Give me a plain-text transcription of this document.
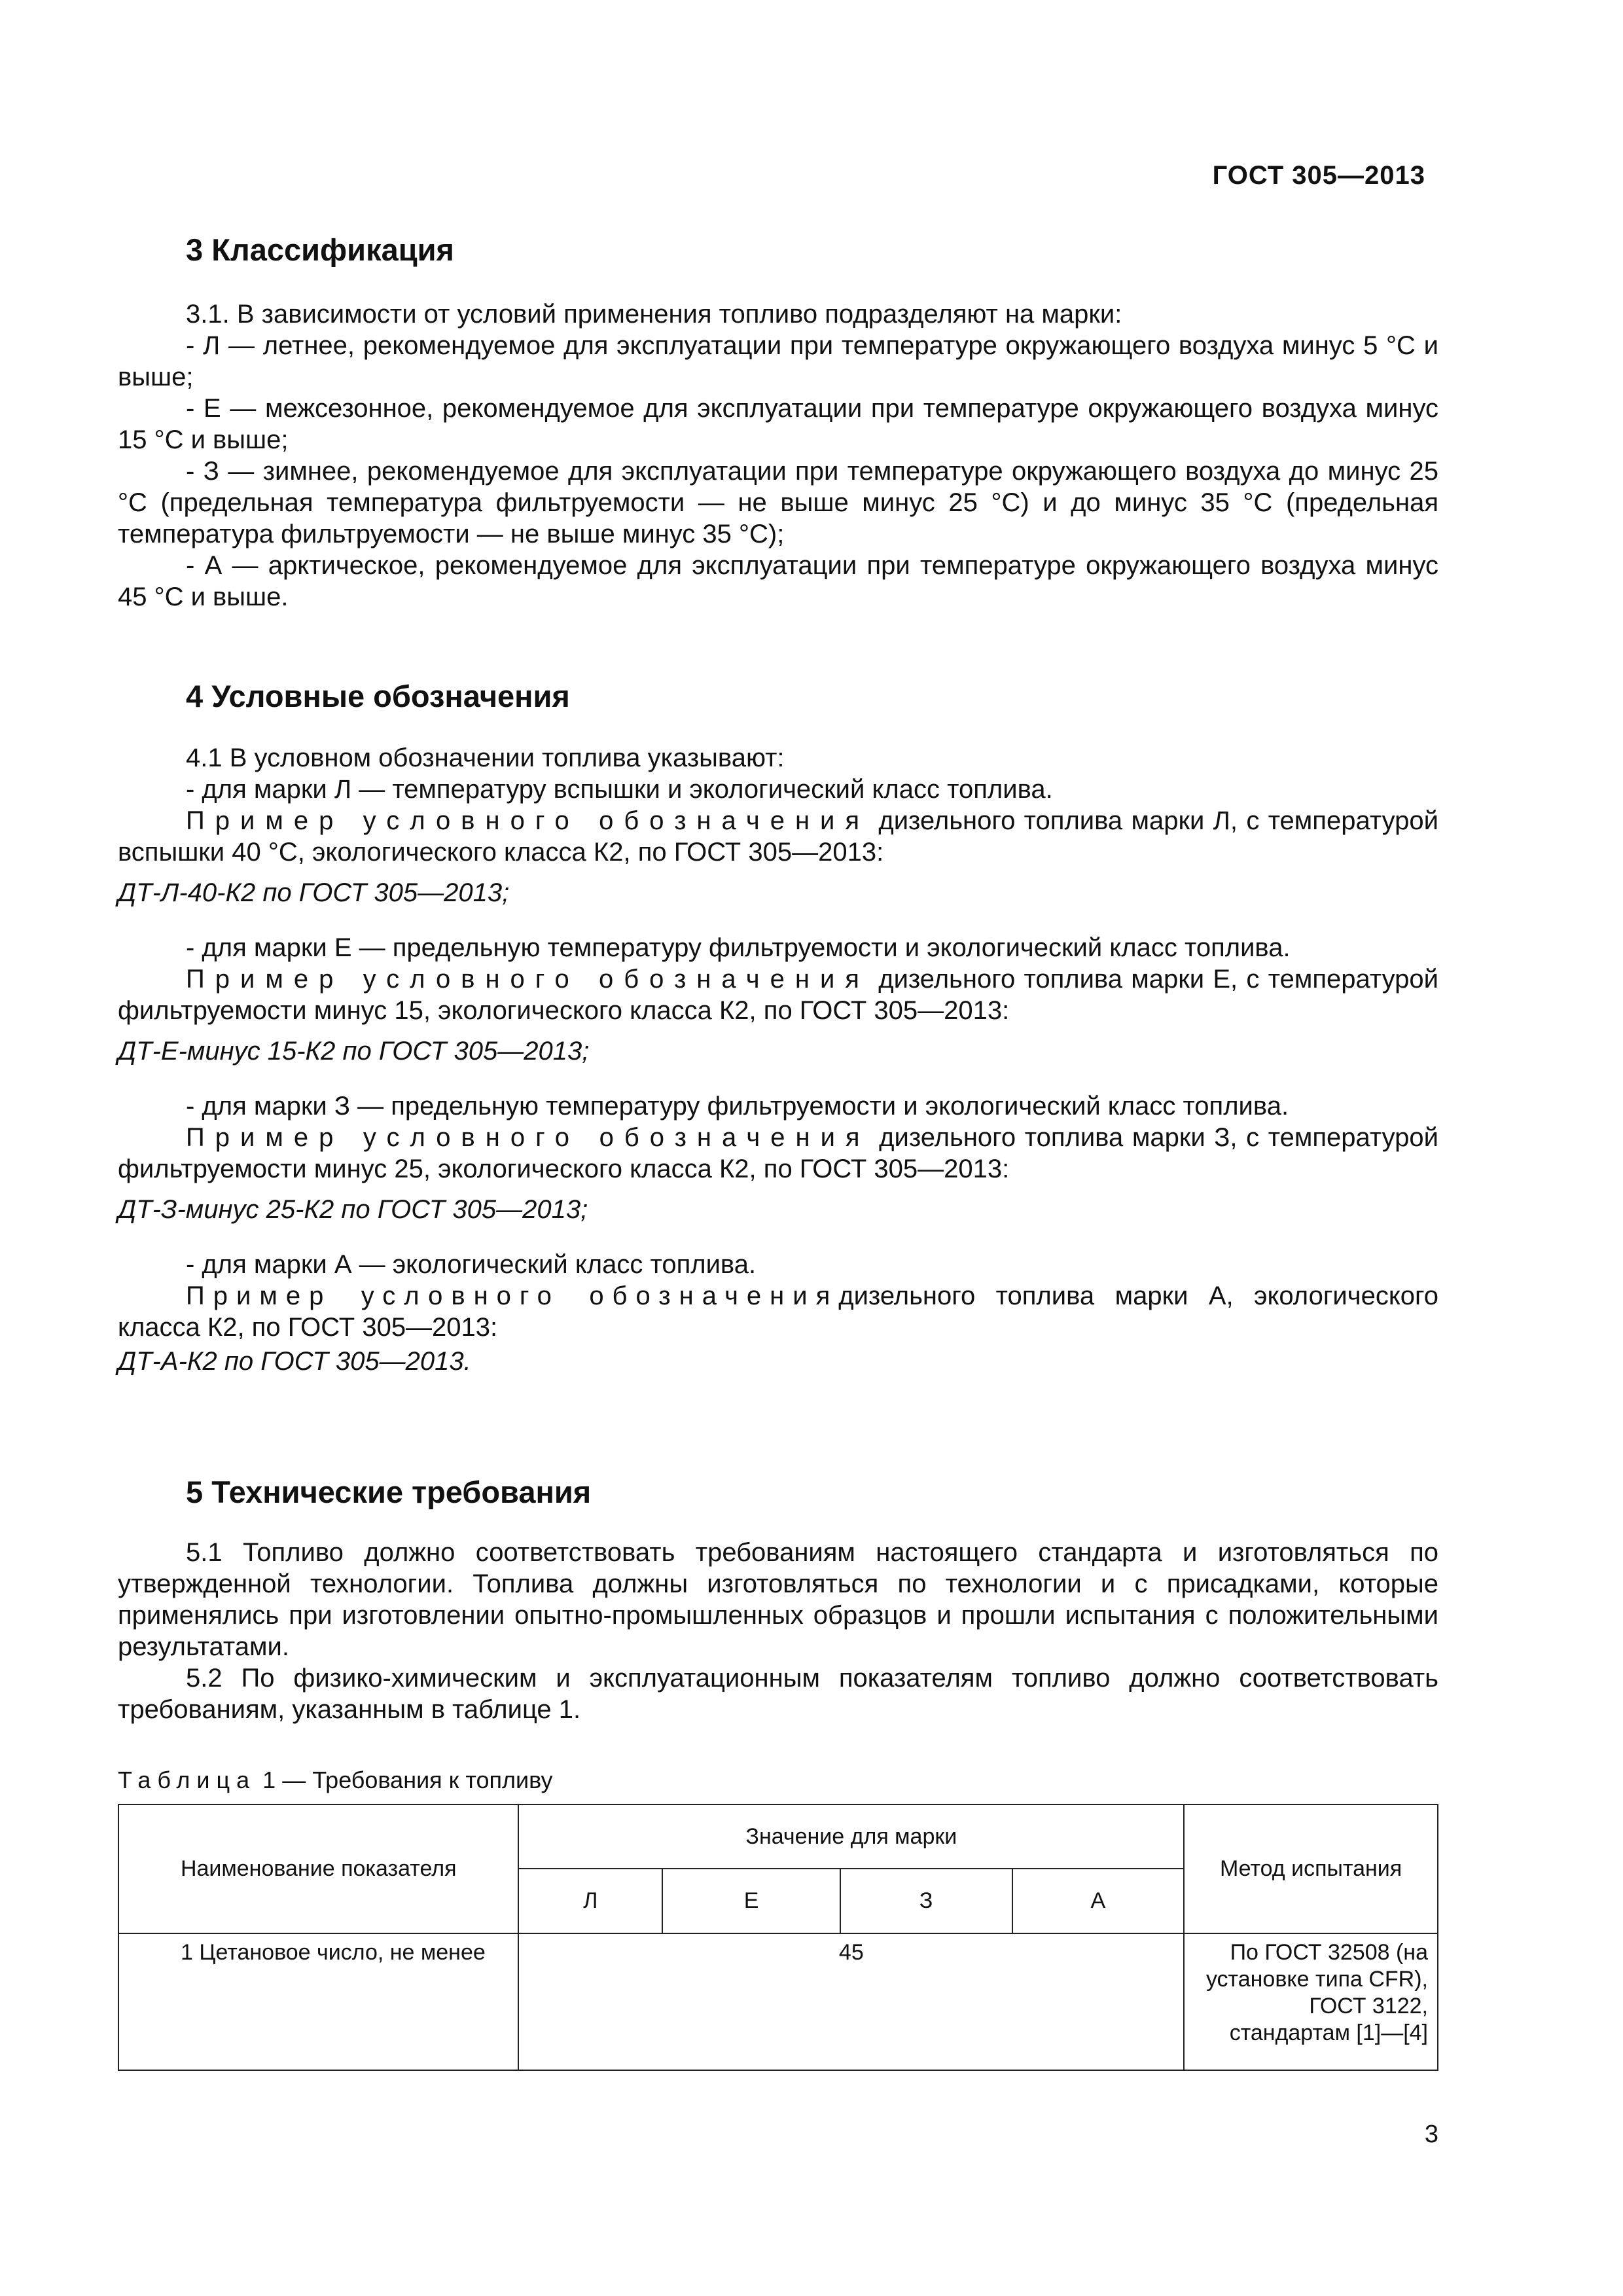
ГОСТ 305—2013
3 Классификация

3.1. В зависимости от условий применения топливо подразделяют на марки:

- Л — летнее, рекомендуемое для эксплуатации при температуре окружающего воздуха минус 5 °С и выше;

- Е — межсезонное, рекомендуемое для эксплуатации при температуре окружающего воздуха минус 15 °С и выше;

- З — зимнее, рекомендуемое для эксплуатации при температуре окружающего воздуха до минус 25 °С (предельная температура фильтруемости — не выше минус 25 °С) и до минус 35 °С (предельная температура фильтруемости — не выше минус 35 °С);

- А — арктическое, рекомендуемое для эксплуатации при температуре окружающего воздуха минус 45 °С и выше.

4 Условные обозначения

4.1 В условном обозначении топлива указывают:

- для марки Л — температуру вспышки и экологический класс топлива.

Пример условного обозначения дизельного топлива марки Л, с температурой вспышки 40 °С, экологического класса К2, по ГОСТ 305—2013:

ДТ-Л-40-К2 по ГОСТ 305—2013;

- для марки Е — предельную температуру фильтруемости и экологический класс топлива.

Пример условного обозначения дизельного топлива марки Е, с температурой фильтруемости минус 15, экологического класса К2, по ГОСТ 305—2013:

ДТ-Е-минус 15-К2 по ГОСТ 305—2013;

- для марки З — предельную температуру фильтруемости и экологический класс топлива.

Пример условного обозначения дизельного топлива марки З, с температурой фильтруемости минус 25, экологического класса К2, по ГОСТ 305—2013:

ДТ-З-минус 25-К2 по ГОСТ 305—2013;

- для марки А — экологический класс топлива.

Пример условного обозначениядизельного топлива марки А, экологического класса К2, по ГОСТ 305—2013:

ДТ-А-К2 по ГОСТ 305—2013.

5 Технические требования

5.1 Топливо должно соответствовать требованиям настоящего стандарта и изготовляться по утвержденной технологии. Топлива должны изготовляться по технологии и с присадками, которые применялись при изготовлении опытно-промышленных образцов и прошли испытания с положительными результатами.

5.2 По физико-химическим и эксплуатационным показателям топливо должно соответствовать требованиям, указанным в таблице 1.

Таблица 1 — Требования к топливу
Наименование показателя	Значение для марки				Метод испытания
	Л	Е	З	А	
1 Цетановое число, не менее	45				По ГОСТ 32508 (на установке типа CFR), ГОСТ 3122, стандартам [1]—[4]
3
